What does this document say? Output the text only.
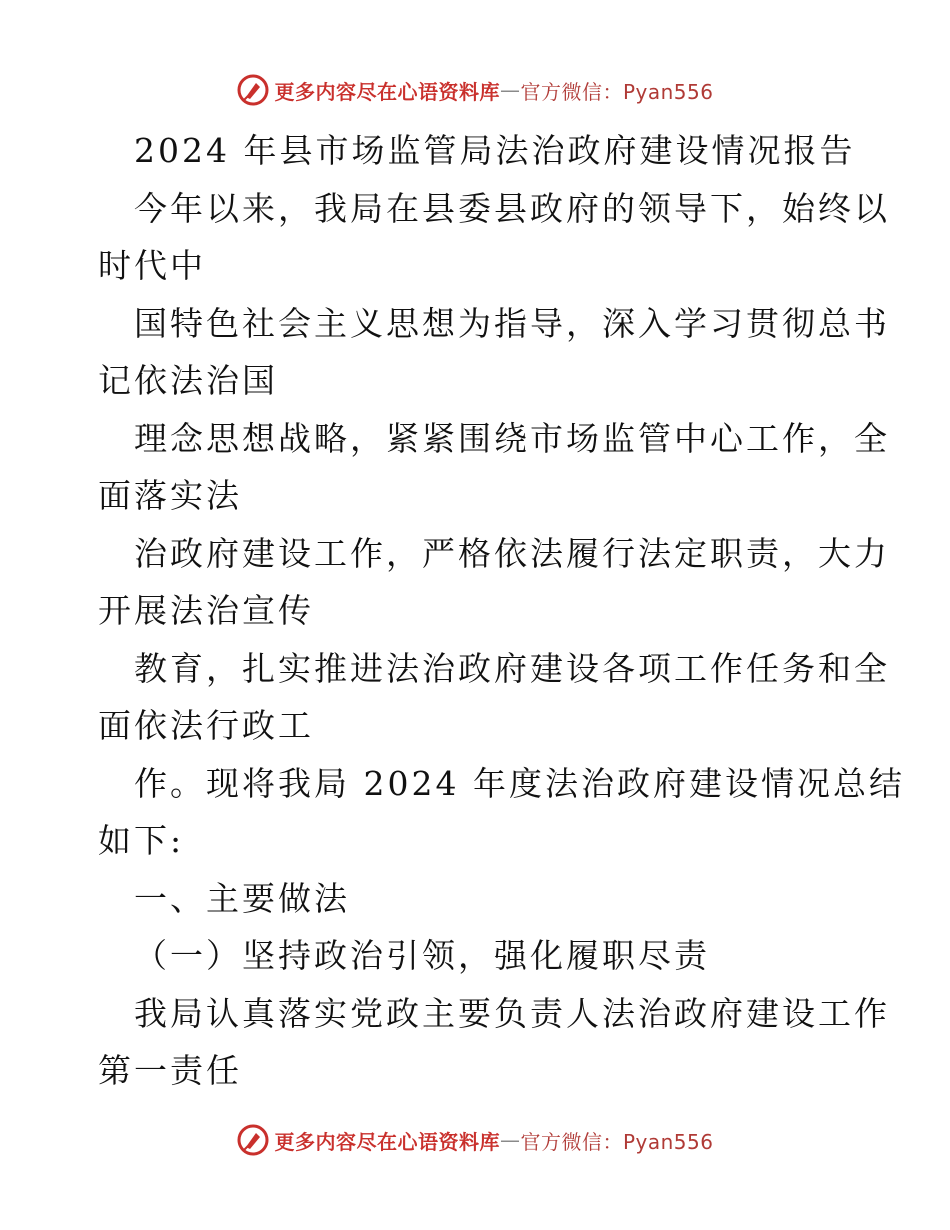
更多内容尽在心语资料库 — 官方微信：Pyan556
2024 年县市场监管局法治政府建设情况报告
今年以来，我局在县委县政府的领导下，始终以
时代中
国特色社会主义思想为指导，深入学习贯彻总书
记依法治国
理念思想战略，紧紧围绕市场监管中心工作，全
面落实法
治政府建设工作，严格依法履行法定职责，大力
开展法治宣传
教育，扎实推进法治政府建设各项工作任务和全
面依法行政工
作。现将我局 2024 年度法治政府建设情况总结
如下:
一、主要做法
（一）坚持政治引领，强化履职尽责
我局认真落实党政主要负责人法治政府建设工作
第一责任
更多内容尽在心语资料库 — 官方微信：Pyan556
